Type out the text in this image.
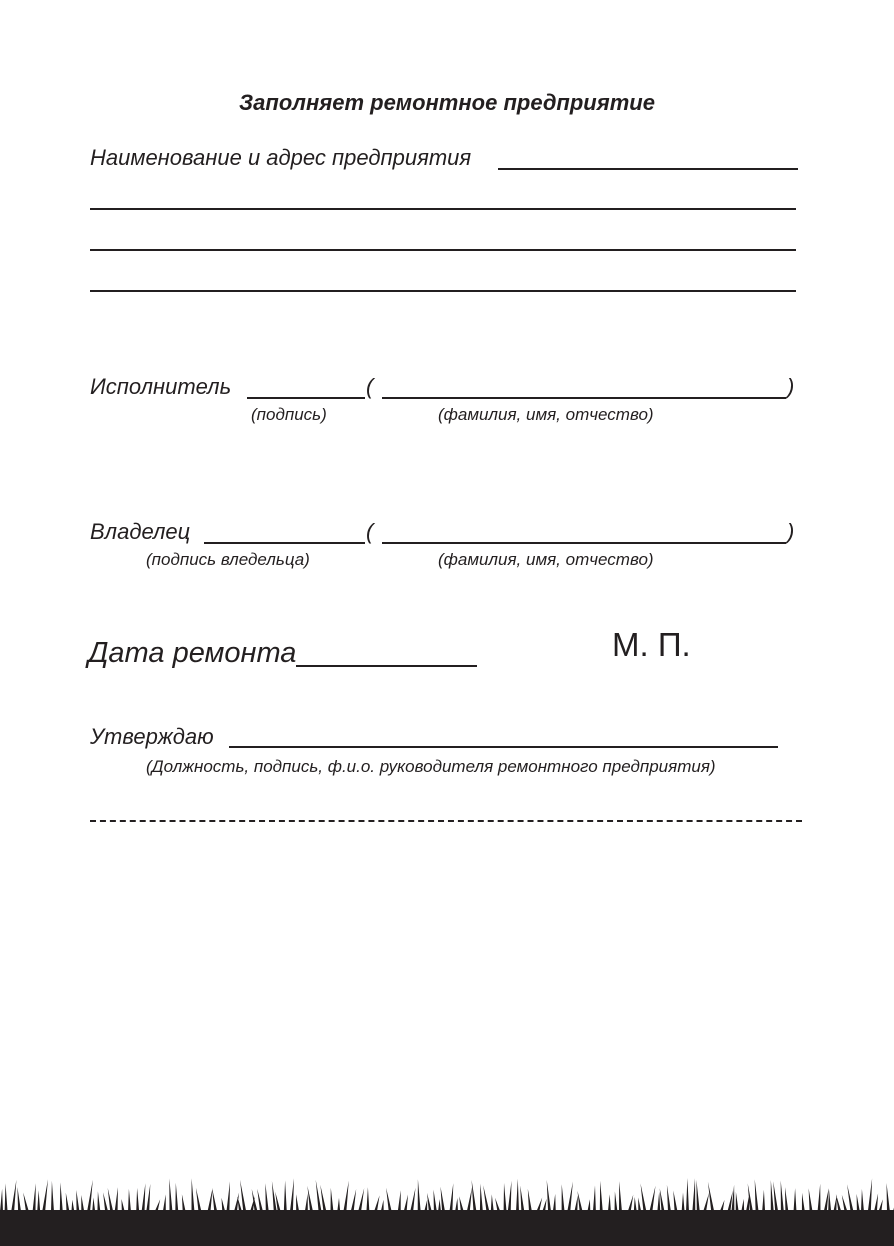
Заполняет ремонтное предприятие
Наименование и адрес предприятия
Исполнитель	(	)
(подпись)	(фамилия, имя, отчество)
Владелец	(	)
(подпись вледельца)	(фамилия, имя, отчество)
Дата ремонта	М. П.
Утверждаю
(Должность, подпись, ф.и.о. руководителя ремонтного предприятия)
